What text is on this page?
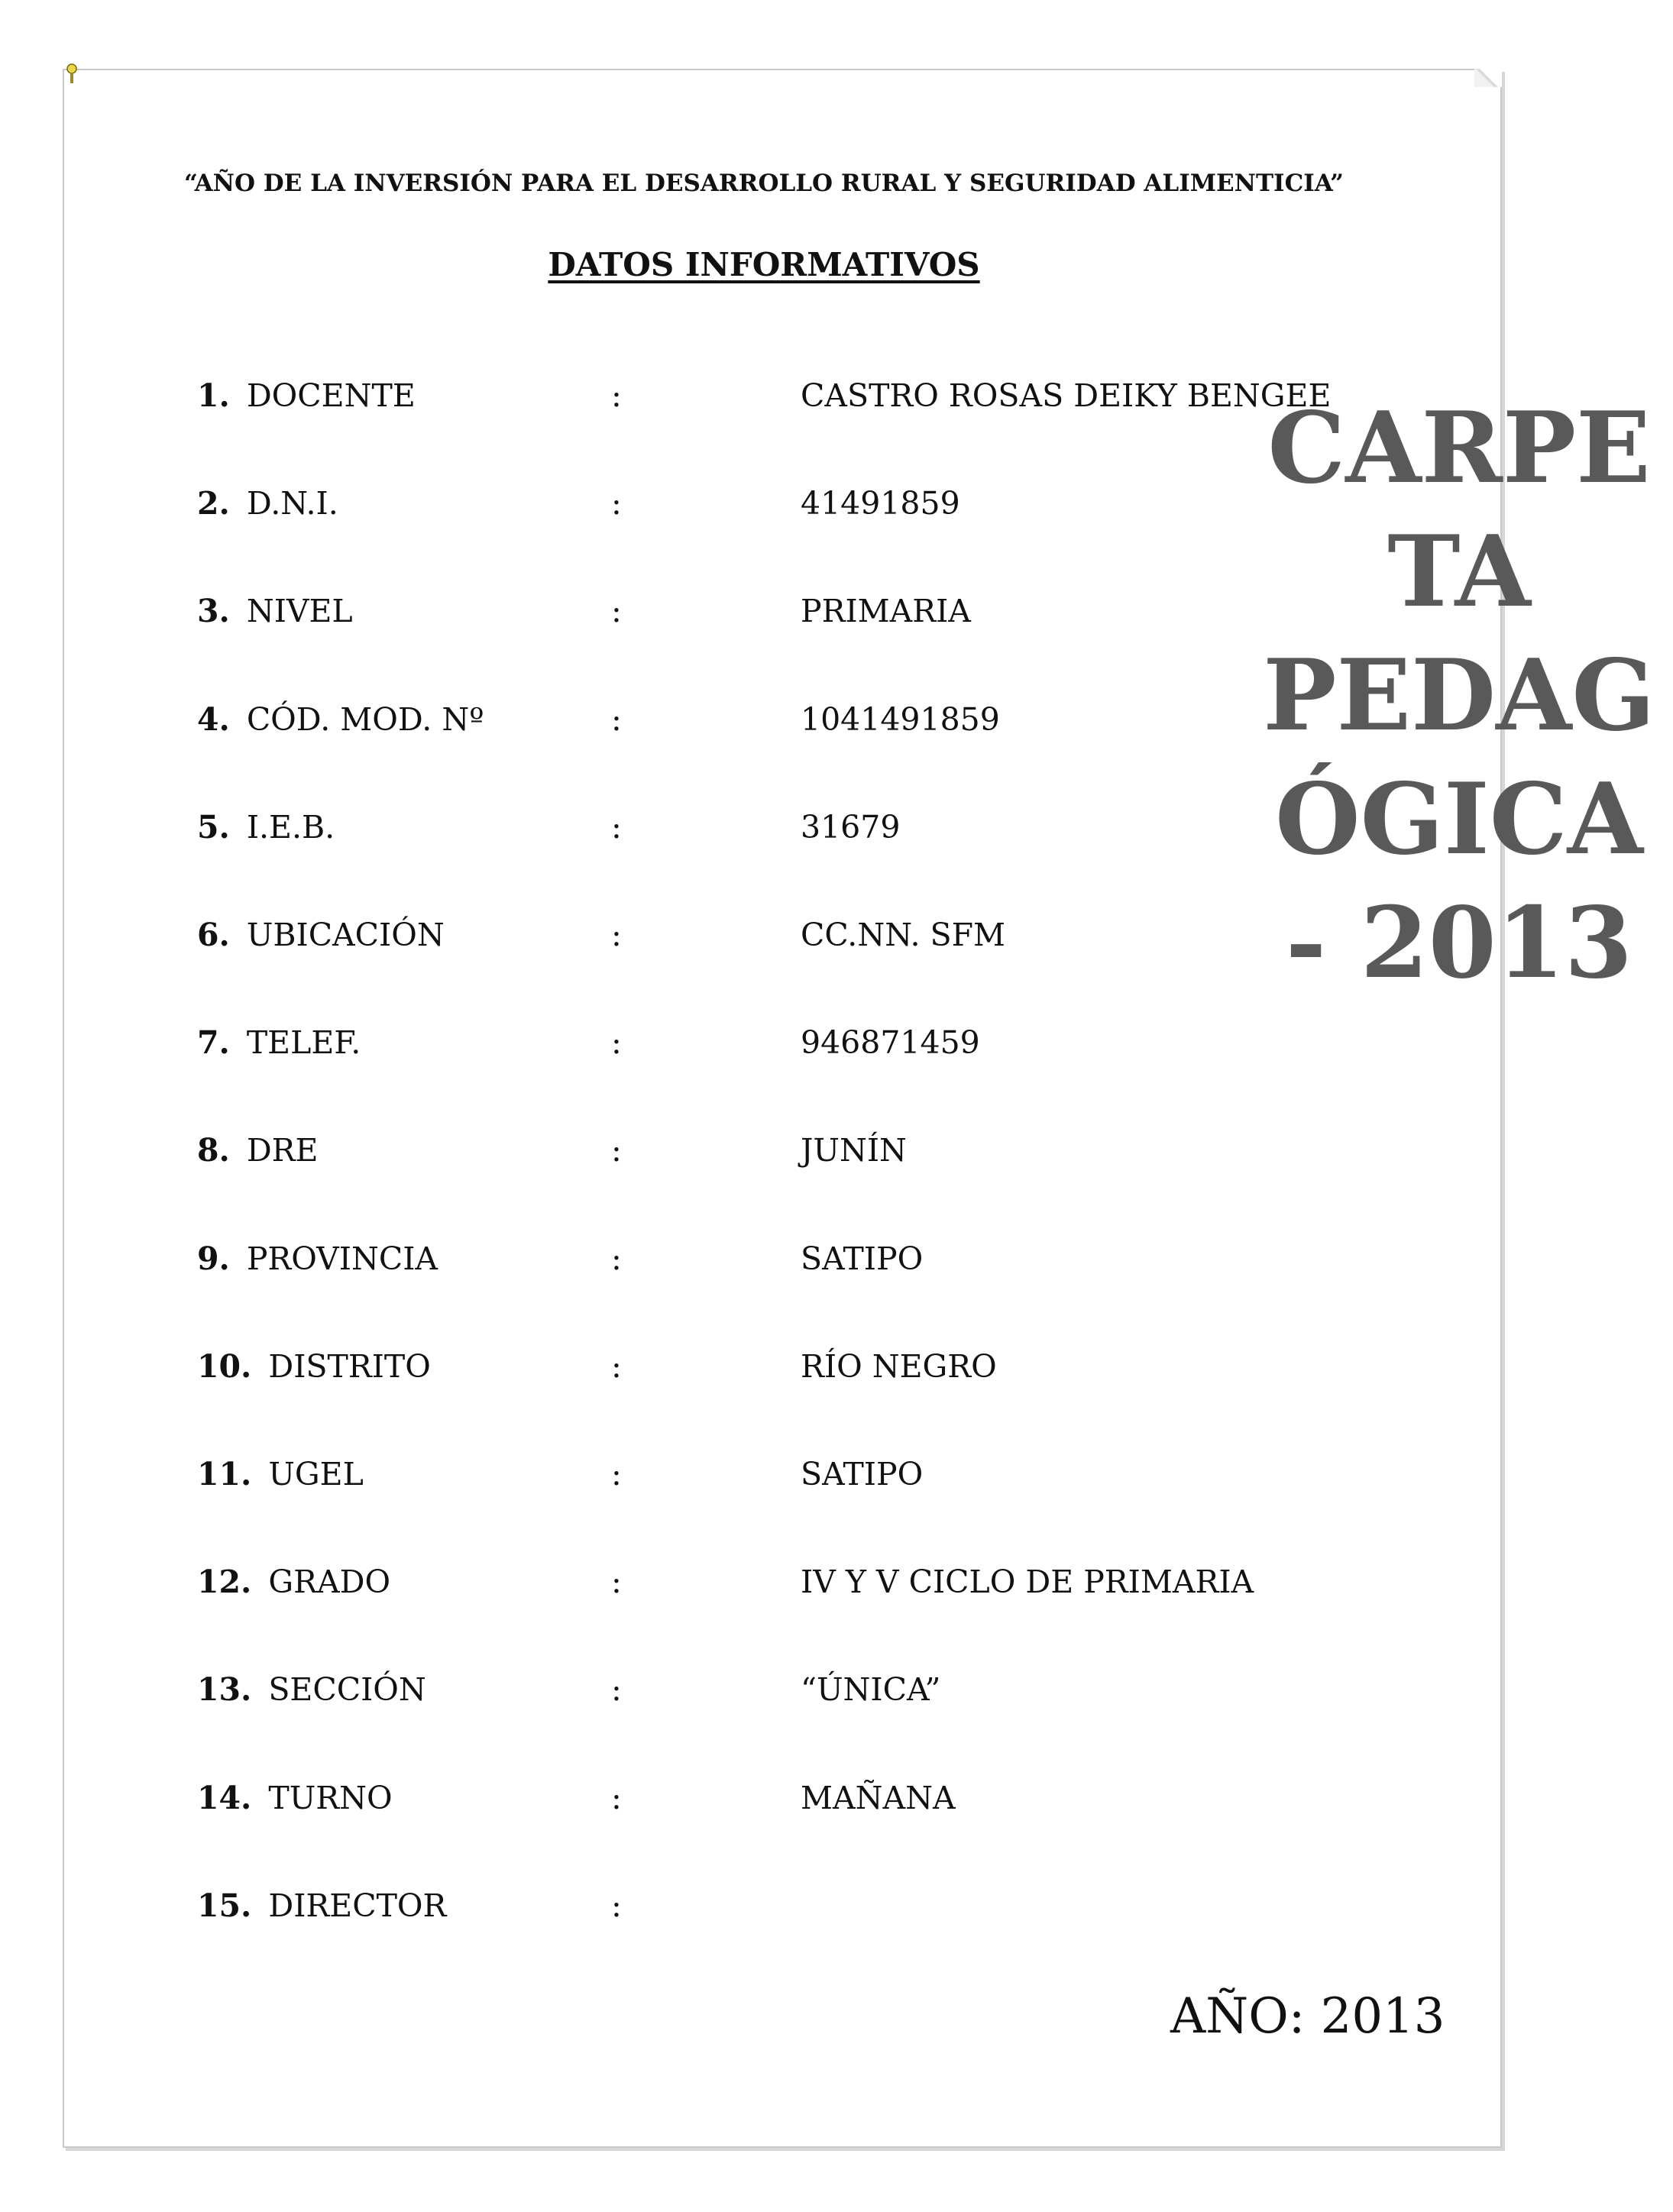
“AÑO DE LA INVERSIÓN PARA EL DESARROLLO RURAL Y SEGURIDAD ALIMENTICIA”
DATOS INFORMATIVOS
1. DOCENTE	:	CASTRO ROSAS DEIKY BENGEE
2. D.N.I.	:	41491859
3. NIVEL	:	PRIMARIA
4. CÓD. MOD. Nº	:	1041491859
5. I.E.B.	:	31679
6. UBICACIÓN	:	CC.NN. SFM
7. TELEF.	:	946871459
8. DRE	:	JUNÍN
9. PROVINCIA	:	SATIPO
10. DISTRITO	:	RÍO NEGRO
11. UGEL	:	SATIPO
12. GRADO	:	IV Y V CICLO DE PRIMARIA
13. SECCIÓN	:	“ÚNICA”
14. TURNO	:	MAÑANA
15. DIRECTOR	:
CARPE
TA
PEDAG
ÓGICA
- 2013
AÑO: 2013
